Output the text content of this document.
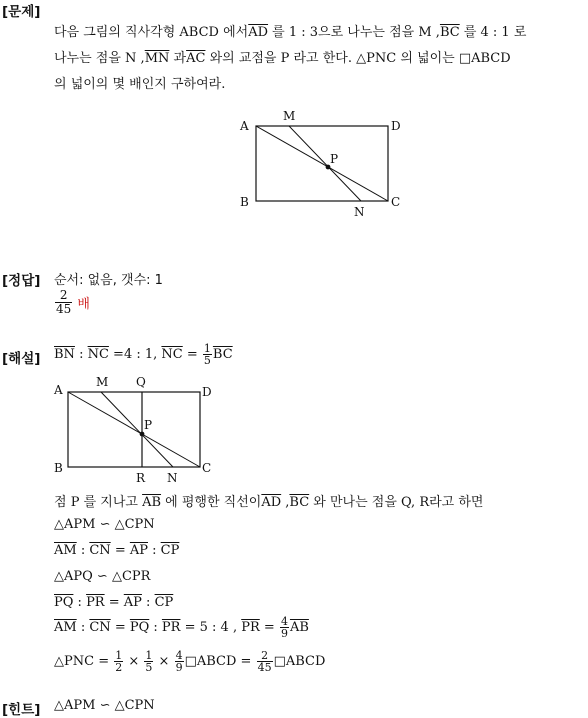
[문제]
다음 그림의 직사각형 ABCD 에서$\overline{AD}$ 를 1 : 3으로 나누는 점을 M $,\overline{BC}$ 를 4 : 1 로
나누는 점을 N $,\overline{MN}$ 과$\overline{AC}$ 와의 교점을 P 라고 한다. △PNC 의 넓이는 □ABCD
의 넓이의 몇 배인지 구하여라.
A
M
D
P
B
N
C
[정답] 순서: 없음, 갯수: 1
$\frac{2}{45}$ 배
[해설] $\overline{BN}$ : $\overline{NC} =4$ : 1, $\overline{NC} = \frac{1}{5} \overline{BC}$
A
M Q
D
P
B
R N
C
점 P 를 지나고 $\overline{AB}$ 에 평행한 직선이$\overline{AD}$ $,\overline{BC}$ 와 만나는 점을 Q, R라고 하면
△APM ∽ △CPN
$\overline{AM}$ : $\overline{CN} = \overline{AP}$ : $\overline{CP}$
△APQ ∽ △CPR
$\overline{PQ}$ : $\overline{PR} = \overline{AP}$ : $\overline{CP}$
$\overline{AM}$ : $\overline{CN} = \overline{PQ}$ : $\overline{PR} = 5$ : 4 , $\overline{PR} = \frac{4}{9} \overline{AB}$
△PNC = $\frac{1}{2} \times \frac{1}{5} \times \frac{4}{9}$ □ABCD = $\frac{2}{45}$ □ABCD
[힌트] △APM ∽ △CPN
